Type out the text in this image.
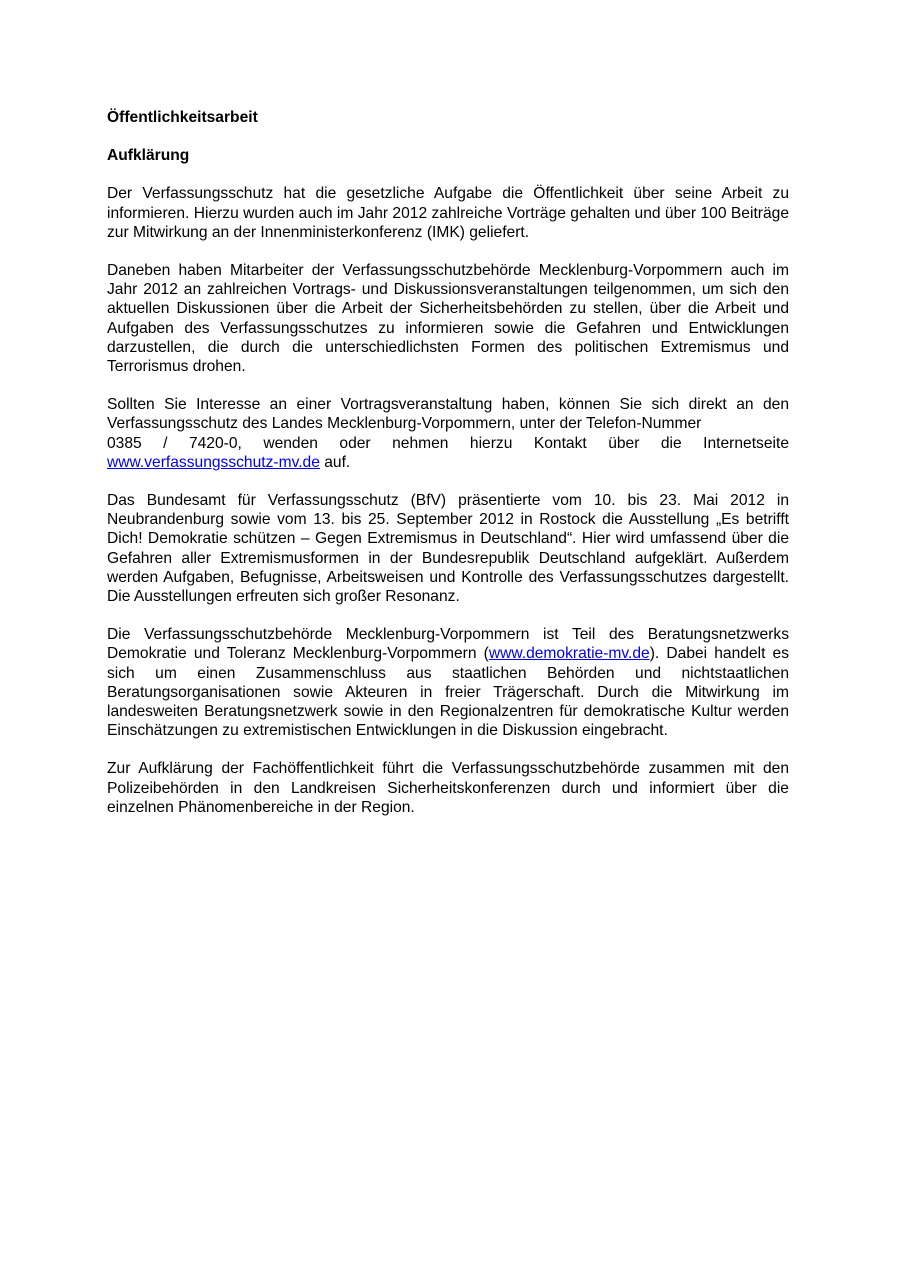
Öffentlichkeitsarbeit
Aufklärung

Der Verfassungsschutz hat die gesetzliche Aufgabe die Öffentlichkeit über seine Arbeit zu informieren. Hierzu wurden auch im Jahr 2012 zahlreiche Vorträge gehalten und über 100 Beiträge zur Mitwirkung an der Innenministerkonferenz (IMK) geliefert.

Daneben haben Mitarbeiter der Verfassungsschutzbehörde Mecklenburg-Vorpommern auch im Jahr 2012 an zahlreichen Vortrags- und Diskussionsveranstaltungen teilgenommen, um sich den aktuellen Diskussionen über die Arbeit der Sicherheitsbehörden zu stellen, über die Arbeit und Aufgaben des Verfassungsschutzes zu informieren sowie die Gefahren und Entwicklungen darzustellen, die durch die unterschiedlichsten Formen des politischen Extremismus und Terrorismus drohen.

Sollten Sie Interesse an einer Vortragsveranstaltung haben, können Sie sich direkt an den
Verfassungsschutz des Landes Mecklenburg-Vorpommern, unter der Telefon-Nummer
0385 / 7420-0, wenden oder nehmen hierzu Kontakt über die Internetseite
www.verfassungsschutz-mv.de auf.

Das Bundesamt für Verfassungsschutz (BfV) präsentierte vom 10. bis 23. Mai 2012 in Neubrandenburg sowie vom 13. bis 25. September 2012 in Rostock die Ausstellung „Es betrifft Dich! Demokratie schützen – Gegen Extremismus in Deutschland“. Hier wird umfassend über die Gefahren aller Extremismusformen in der Bundesrepublik Deutschland aufgeklärt. Außerdem werden Aufgaben, Befugnisse, Arbeitsweisen und Kontrolle des Verfassungsschutzes dargestellt. Die Ausstellungen erfreuten sich großer Resonanz.

Die Verfassungsschutzbehörde Mecklenburg-Vorpommern ist Teil des Beratungsnetzwerks Demokratie und Toleranz Mecklenburg-Vorpommern (www.demokratie-mv.de). Dabei handelt es sich um einen Zusammenschluss aus staatlichen Behörden und nichtstaatlichen Beratungsorganisationen sowie Akteuren in freier Trägerschaft. Durch die Mitwirkung im landesweiten Beratungsnetzwerk sowie in den Regionalzentren für demokratische Kultur werden Einschätzungen zu extremistischen Entwicklungen in die Diskussion eingebracht.

Zur Aufklärung der Fachöffentlichkeit führt die Verfassungsschutzbehörde zusammen mit den Polizeibehörden in den Landkreisen Sicherheitskonferenzen durch und informiert über die einzelnen Phänomenbereiche in der Region.
